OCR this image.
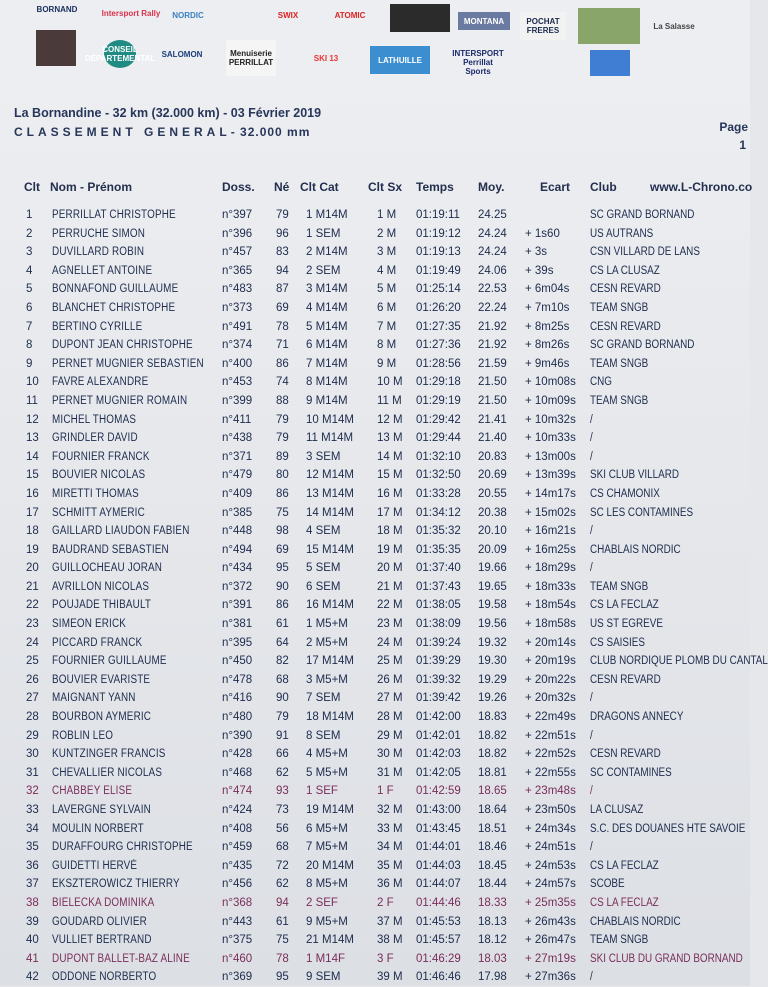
BORNAND	Intersport Rally NORDIC	SWIX	ATOMIC
MONTANA	POCHAT FRERES	La Salasse
CONSEIL DEPARTEMENTAL SALOMON	Menuiserie PERRILLAT	SKI 13	LATHUILLE
INTERSPORT Perrillat Sports
La Bornandine - 32 km (32.000 km) - 03 Février 2019
CLASSEMENT GENERAL- 32.000 mm	Page
1
Clt Nom - Prénom	Doss. Né Clt Cat Clt Sx Temps Moy.	Ecart Club	www.L-Chrono.co
1	PERRILLAT CHRISTOPHE	n°397 79 1 M14M	1 M 01:19:11 24.25	SC GRAND BORNAND
2	PERRUCHE SIMON	n°396 96 1 SEM	2 M 01:19:12 24.24 + 1s60	US AUTRANS
3	DUVILLARD ROBIN	n°457 83 2 M14M	3 M 01:19:13 24.24 + 3s	CSN VILLARD DE LANS
4	AGNELLET ANTOINE	n°365 94 2 SEM	4 M 01:19:49 24.06 + 39s	CS LA CLUSAZ
5	BONNAFOND GUILLAUME	n°483 87 3 M14M	5 M 01:25:14 22.53 + 6m04s CESN REVARD
6	BLANCHET CHRISTOPHE	n°373 69 4 M14M	6 M 01:26:20 22.24 + 7m10s TEAM SNGB
7	BERTINO CYRILLE	n°491 78 5 M14M	7 M 01:27:35 21.92 + 8m25s CESN REVARD
8	DUPONT JEAN CHRISTOPHE	n°374 71 6 M14M	8 M 01:27:36 21.92 + 8m26s SC GRAND BORNAND
9	PERNET MUGNIER SEBASTIEN n°400 86 7 M14M	9 M 01:28:56 21.59 + 9m46s TEAM SNGB
10 FAVRE ALEXANDRE	n°453 74 8 M14M	10 M 01:29:18 21.50 + 10m08s CNG
11 PERNET MUGNIER ROMAIN	n°399 88 9 M14M	11 M 01:29:19 21.50 + 10m09s TEAM SNGB
12 MICHEL THOMAS	n°411 79 10 M14M 12 M 01:29:42 21.41 + 10m32s /
13 GRINDLER DAVID	n°438 79 11 M14M 13 M 01:29:44 21.40 + 10m33s /
14 FOURNIER FRANCK	n°371 89 3 SEM	14 M 01:32:10 20.83 + 13m00s /
15 BOUVIER NICOLAS	n°479 80 12 M14M 15 M 01:32:50 20.69 + 13m39s SKI CLUB VILLARD
16 MIRETTI THOMAS	n°409 86 13 M14M 16 M 01:33:28 20.55 + 14m17s CS CHAMONIX
17 SCHMITT AYMERIC	n°385 75 14 M14M 17 M 01:34:12 20.38 + 15m02s SC LES CONTAMINES
18 GAILLARD LIAUDON FABIEN	n°448 98 4 SEM	18 M 01:35:32 20.10 + 16m21s /
19 BAUDRAND SEBASTIEN	n°494 69 15 M14M 19 M 01:35:35 20.09 + 16m25s CHABLAIS NORDIC
20 GUILLOCHEAU JORAN	n°434 95 5 SEM	20 M 01:37:40 19.66 + 18m29s /
21 AVRILLON NICOLAS	n°372 90 6 SEM	21 M 01:37:43 19.65 + 18m33s TEAM SNGB
22 POUJADE THIBAULT	n°391 86 16 M14M 22 M 01:38:05 19.58 + 18m54s CS LA FECLAZ
23 SIMEON ERICK	n°381 61 1 M5+M	23 M 01:38:09 19.56 + 18m58s US ST EGREVE
24 PICCARD FRANCK	n°395 64 2 M5+M	24 M 01:39:24 19.32 + 20m14s CS SAISIES
25 FOURNIER GUILLAUME	n°450 82 17 M14M 25 M 01:39:29 19.30 + 20m19s CLUB NORDIQUE PLOMB DU CANTAL
26 BOUVIER EVARISTE	n°478 68 3 M5+M	26 M 01:39:32 19.29 + 20m22s CESN REVARD
27 MAIGNANT YANN	n°416 90 7 SEM	27 M 01:39:42 19.26 + 20m32s /
28 BOURBON AYMERIC	n°480 79 18 M14M 28 M 01:42:00 18.83 + 22m49s DRAGONS ANNECY
29 ROBLIN LEO	n°390 91 8 SEM	29 M 01:42:01 18.82 + 22m51s /
30 KUNTZINGER FRANCIS	n°428 66 4 M5+M	30 M 01:42:03 18.82 + 22m52s CESN REVARD
31 CHEVALLIER NICOLAS	n°468 62 5 M5+M	31 M 01:42:05 18.81 + 22m55s SC CONTAMINES
32 CHABBEY ELISE	n°474 93 1 SEF	1 F 01:42:59 18.65 + 23m48s /
33 LAVERGNE SYLVAIN	n°424 73 19 M14M 32 M 01:43:00 18.64 + 23m50s LA CLUSAZ
34 MOULIN NORBERT	n°408 56 6 M5+M	33 M 01:43:45 18.51 + 24m34s S.C. DES DOUANES HTE SAVOIE
35 DURAFFOURG CHRISTOPHE	n°459 68 7 M5+M	34 M 01:44:01 18.46 + 24m51s /
36 GUIDETTI HERVÉ	n°435 72 20 M14M 35 M 01:44:03 18.45 + 24m53s CS LA FECLAZ
37 EKSZTEROWICZ THIERRY	n°456 62 8 M5+M	36 M 01:44:07 18.44 + 24m57s SCOBE
38 BIELECKA DOMINIKA	n°368 94 2 SEF	2 F 01:44:46 18.33 + 25m35s CS LA FECLAZ
39 GOUDARD OLIVIER	n°443 61 9 M5+M	37 M 01:45:53 18.13 + 26m43s CHABLAIS NORDIC
40 VULLIET BERTRAND	n°375 75 21 M14M 38 M 01:45:57 18.12 + 26m47s TEAM SNGB
41 DUPONT BALLET-BAZ ALINE	n°460 78 1 M14F	3 F 01:46:29 18.03 + 27m19s SKI CLUB DU GRAND BORNAND
42 ODDONE NORBERTO	n°369 95 9 SEM	39 M 01:46:46 17.98 + 27m36s /
